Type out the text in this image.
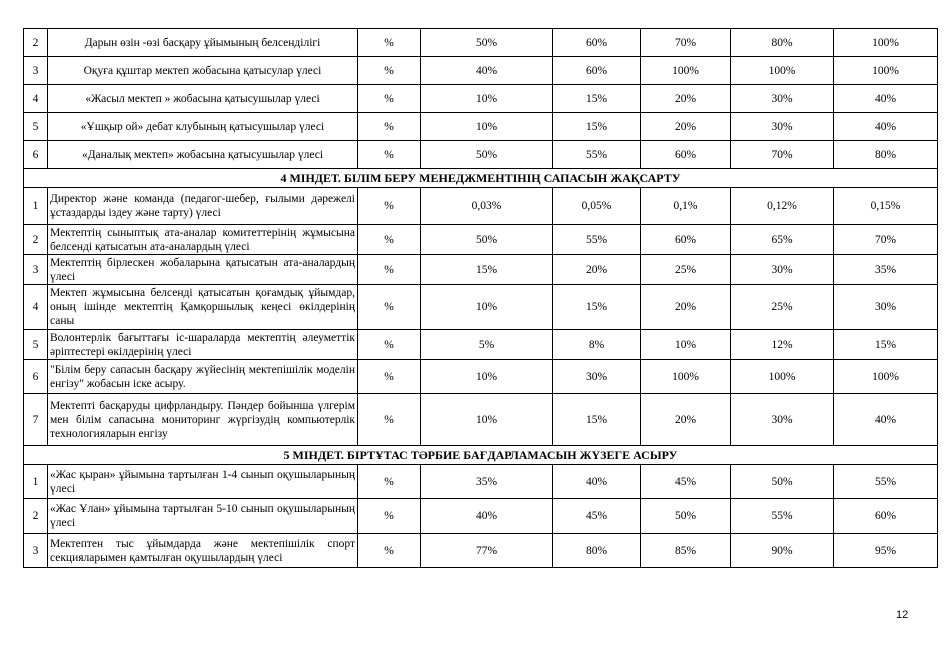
2	Дарын өзін -өзі басқару ұйымының белсенділігі	%	50%	60%	70%	80%	100%
3	Оқуға құштар мектеп жобасына қатысулар үлесі	%	40%	60%	100%	100%	100%
4	«Жасыл мектеп » жобасына қатысушылар үлесі	%	10%	15%	20%	30%	40%
5	«Ұшқыр ой» дебат клубының қатысушылар үлесі	%	10%	15%	20%	30%	40%
6	«Даналық мектеп» жобасына қатысушылар үлесі	%	50%	55%	60%	70%	80%
4 МІНДЕТ. БІЛІМ БЕРУ МЕНЕДЖМЕНТІНІҢ САПАСЫН ЖАҚСАРТУ							
1	Директор және команда (педагог-шебер, ғылыми дәрежелі ұстаздарды іздеу және тарту) үлесі	%	0,03%	0,05%	0,1%	0,12%	0,15%
2	Мектептің сыныптық ата-аналар комитеттерінің жұмысына белсенді қатысатын ата-аналардың үлесі	%	50%	55%	60%	65%	70%
3	Мектептің бірлескен жобаларына қатысатын ата-аналардың үлесі	%	15%	20%	25%	30%	35%
4	Мектеп жұмысына белсенді қатысатын қоғамдық ұйымдар, оның ішінде мектептің Қамқоршылық кеңесі өкілдерінің саны	%	10%	15%	20%	25%	30%
5	Волонтерлік бағыттағы іс-шараларда мектептің әлеуметтік әріптестері өкілдерінің үлесі	%	5%	8%	10%	12%	15%
6	"Білім беру сапасын басқару жүйесінің мектепішілік моделін енгізу" жобасын іске асыру.	%	10%	30%	100%	100%	100%
7	Мектепті басқаруды цифрландыру. Пәндер бойынша үлгерім мен білім сапасына мониторинг жүргізудің компьютерлік технологияларын енгізу	%	10%	15%	20%	30%	40%
5 МІНДЕТ. БІРТҰТАС ТӘРБИЕ БАҒДАРЛАМАСЫН ЖҮЗЕГЕ АСЫРУ							
1	«Жас қыран» ұйымына тартылған 1-4 сынып оқушыларының үлесі	%	35%	40%	45%	50%	55%
2	«Жас Ұлан» ұйымына тартылған 5-10 сынып оқушыларының үлесі	%	40%	45%	50%	55%	60%
3	Мектептен тыс ұйымдарда және мектепішілік спорт секцияларымен қамтылған оқушылардың үлесі	%	77%	80%	85%	90%	95%
12
